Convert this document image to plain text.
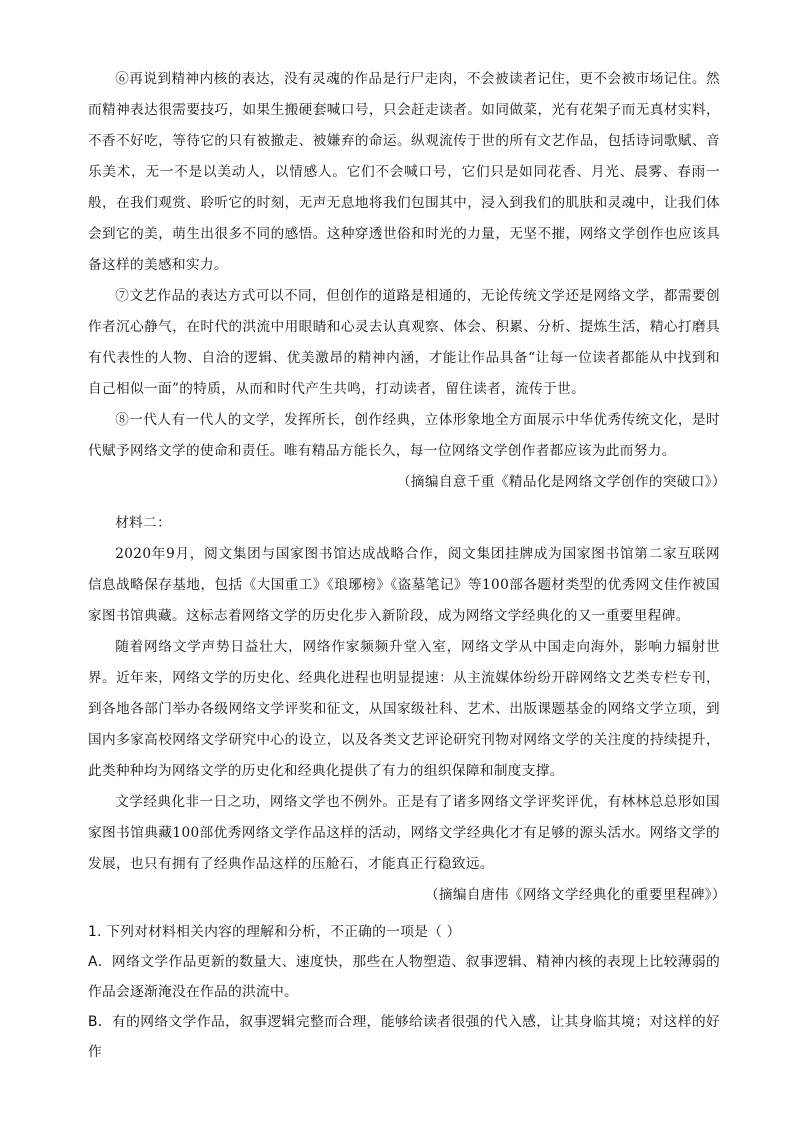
⑥再说到精神内核的表达，没有灵魂的作品是行尸走肉，不会被读者记住，更不会被市场记住。然而精神表达很需要技巧，如果生搬硬套喊口号，只会赶走读者。如同做菜，光有花架子而无真材实料，不香不好吃，等待它的只有被撤走、被嫌弃的命运。纵观流传于世的所有文艺作品，包括诗词歌赋、音乐美术，无一不是以美动人，以情感人。它们不会喊口号，它们只是如同花香、月光、晨雾、春雨一般，在我们观赏、聆听它的时刻，无声无息地将我们包围其中，浸入到我们的肌肤和灵魂中，让我们体会到它的美，萌生出很多不同的感悟。这种穿透世俗和时光的力量，无坚不摧，网络文学创作也应该具备这样的美感和实力。

⑦文艺作品的表达方式可以不同，但创作的道路是相通的，无论传统文学还是网络文学，都需要创作者沉心静气，在时代的洪流中用眼睛和心灵去认真观察、体会、积累、分析、提炼生活，精心打磨具有代表性的人物、自洽的逻辑、优美激昂的精神内涵，才能让作品具备“让每一位读者都能从中找到和自己相似一面”的特质，从而和时代产生共鸣，打动读者，留住读者，流传于世。

⑧一代人有一代人的文学，发挥所长，创作经典，立体形象地全方面展示中华优秀传统文化，是时代赋予网络文学的使命和责任。唯有精品方能长久，每一位网络文学创作者都应该为此而努力。

（摘编自意千重《精品化是网络文学创作的突破口》）

材料二：

2020年9月，阅文集团与国家图书馆达成战略合作，阅文集团挂牌成为国家图书馆第二家互联网信息战略保存基地，包括《大国重工》《琅琊榜》《盗墓笔记》等100部各题材类型的优秀网文佳作被国家图书馆典藏。这标志着网络文学的历史化步入新阶段，成为网络文学经典化的又一重要里程碑。

随着网络文学声势日益壮大，网络作家频频升堂入室，网络文学从中国走向海外，影响力辐射世界。近年来，网络文学的历史化、经典化进程也明显提速：从主流媒体纷纷开辟网络文艺类专栏专刊，到各地各部门举办各级网络文学评奖和征文，从国家级社科、艺术、出版课题基金的网络文学立项，到国内多家高校网络文学研究中心的设立，以及各类文艺评论研究刊物对网络文学的关注度的持续提升，此类种种均为网络文学的历史化和经典化提供了有力的组织保障和制度支撑。

文学经典化非一日之功，网络文学也不例外。正是有了诸多网络文学评奖评优，有林林总总形如国家图书馆典藏100部优秀网络文学作品这样的活动，网络文学经典化才有足够的源头活水。网络文学的发展，也只有拥有了经典作品这样的压舱石，才能真正行稳致远。

（摘编自唐伟《网络文学经典化的重要里程碑》）

1. 下列对材料相关内容的理解和分析，不正确的一项是（ ）

A．网络文学作品更新的数量大、速度快，那些在人物塑造、叙事逻辑、精神内核的表现上比较薄弱的作品会逐渐淹没在作品的洪流中。

B．有的网络文学作品，叙事逻辑完整而合理，能够给读者很强的代入感，让其身临其境；对这样的好作
